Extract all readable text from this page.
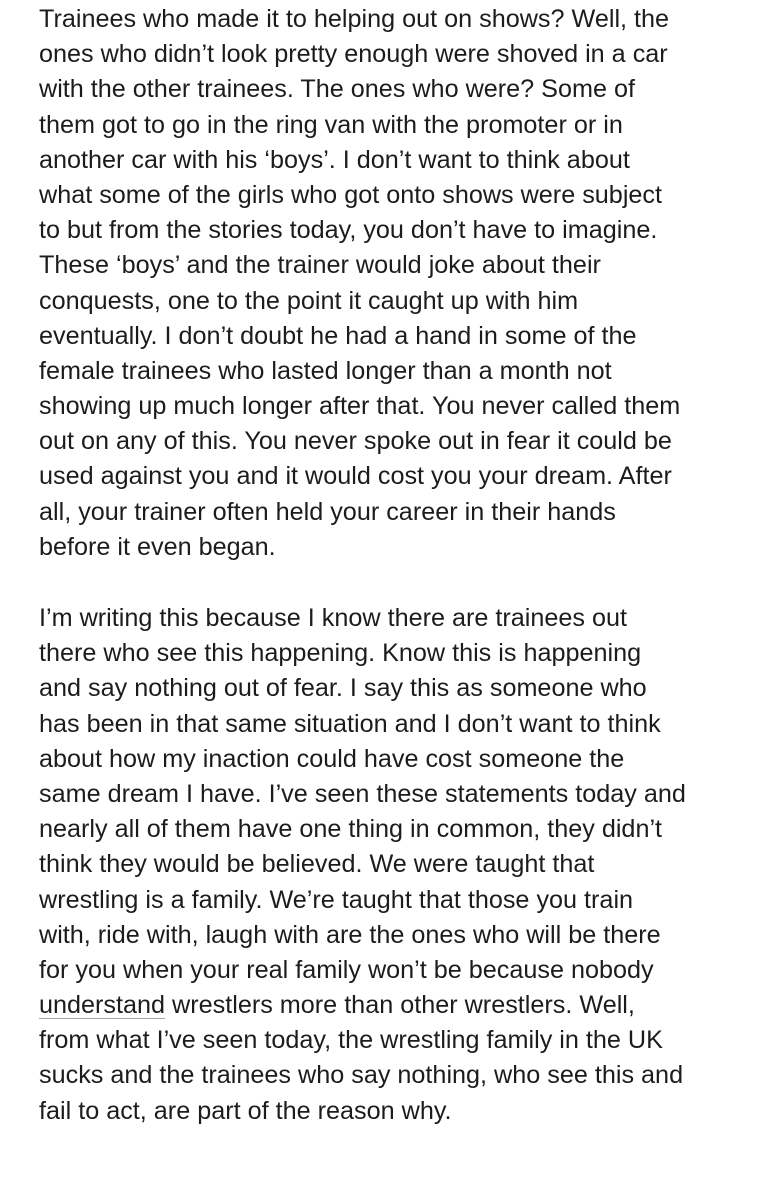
Trainees who made it to helping out on shows? Well, the
ones who didn’t look pretty enough were shoved in a car
with the other trainees. The ones who were? Some of
them got to go in the ring van with the promoter or in
another car with his ‘boys’. I don’t want to think about
what some of the girls who got onto shows were subject
to but from the stories today, you don’t have to imagine.
These ‘boys’ and the trainer would joke about their
conquests, one to the point it caught up with him
eventually. I don’t doubt he had a hand in some of the
female trainees who lasted longer than a month not
showing up much longer after that. You never called them
out on any of this. You never spoke out in fear it could be
used against you and it would cost you your dream. After
all, your trainer often held your career in their hands
before it even began.

I’m writing this because I know there are trainees out
there who see this happening. Know this is happening
and say nothing out of fear. I say this as someone who
has been in that same situation and I don’t want to think
about how my inaction could have cost someone the
same dream I have. I’ve seen these statements today and
nearly all of them have one thing in common, they didn’t
think they would be believed. We were taught that
wrestling is a family. We’re taught that those you train
with, ride with, laugh with are the ones who will be there
for you when your real family won’t be because nobody
understand wrestlers more than other wrestlers. Well,
from what I’ve seen today, the wrestling family in the UK
sucks and the trainees who say nothing, who see this and
fail to act, are part of the reason why.
